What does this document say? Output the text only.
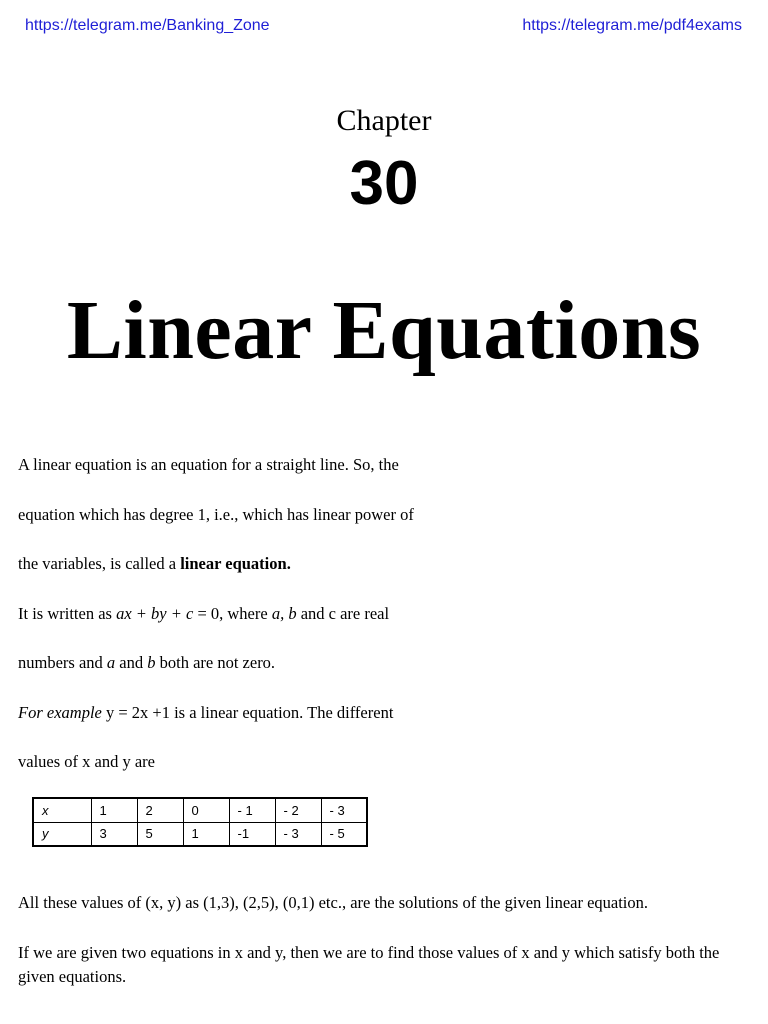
https://telegram.me/Banking_Zone	https://telegram.me/pdf4exams
Chapter
30
Linear Equations
A linear equation is an equation for a straight line. So, the
equation which has degree 1, i.e., which has linear power of
the variables, is called a linear equation.
It is written as ax + by + c = 0, where a, b and c are real
numbers and a and b both are not zero.
For example y = 2x +1 is a linear equation. The different
values of x and y are
x	1	2	0	- 1	- 2	- 3
y	3	5	1	-1	- 3	- 5
All these values of (x, y) as (1,3), (2,5), (0,1) etc., are the solutions of the given linear equation.
If we are given two equations in x and y, then we are to find those values of x and y which satisfy both the given equations.
